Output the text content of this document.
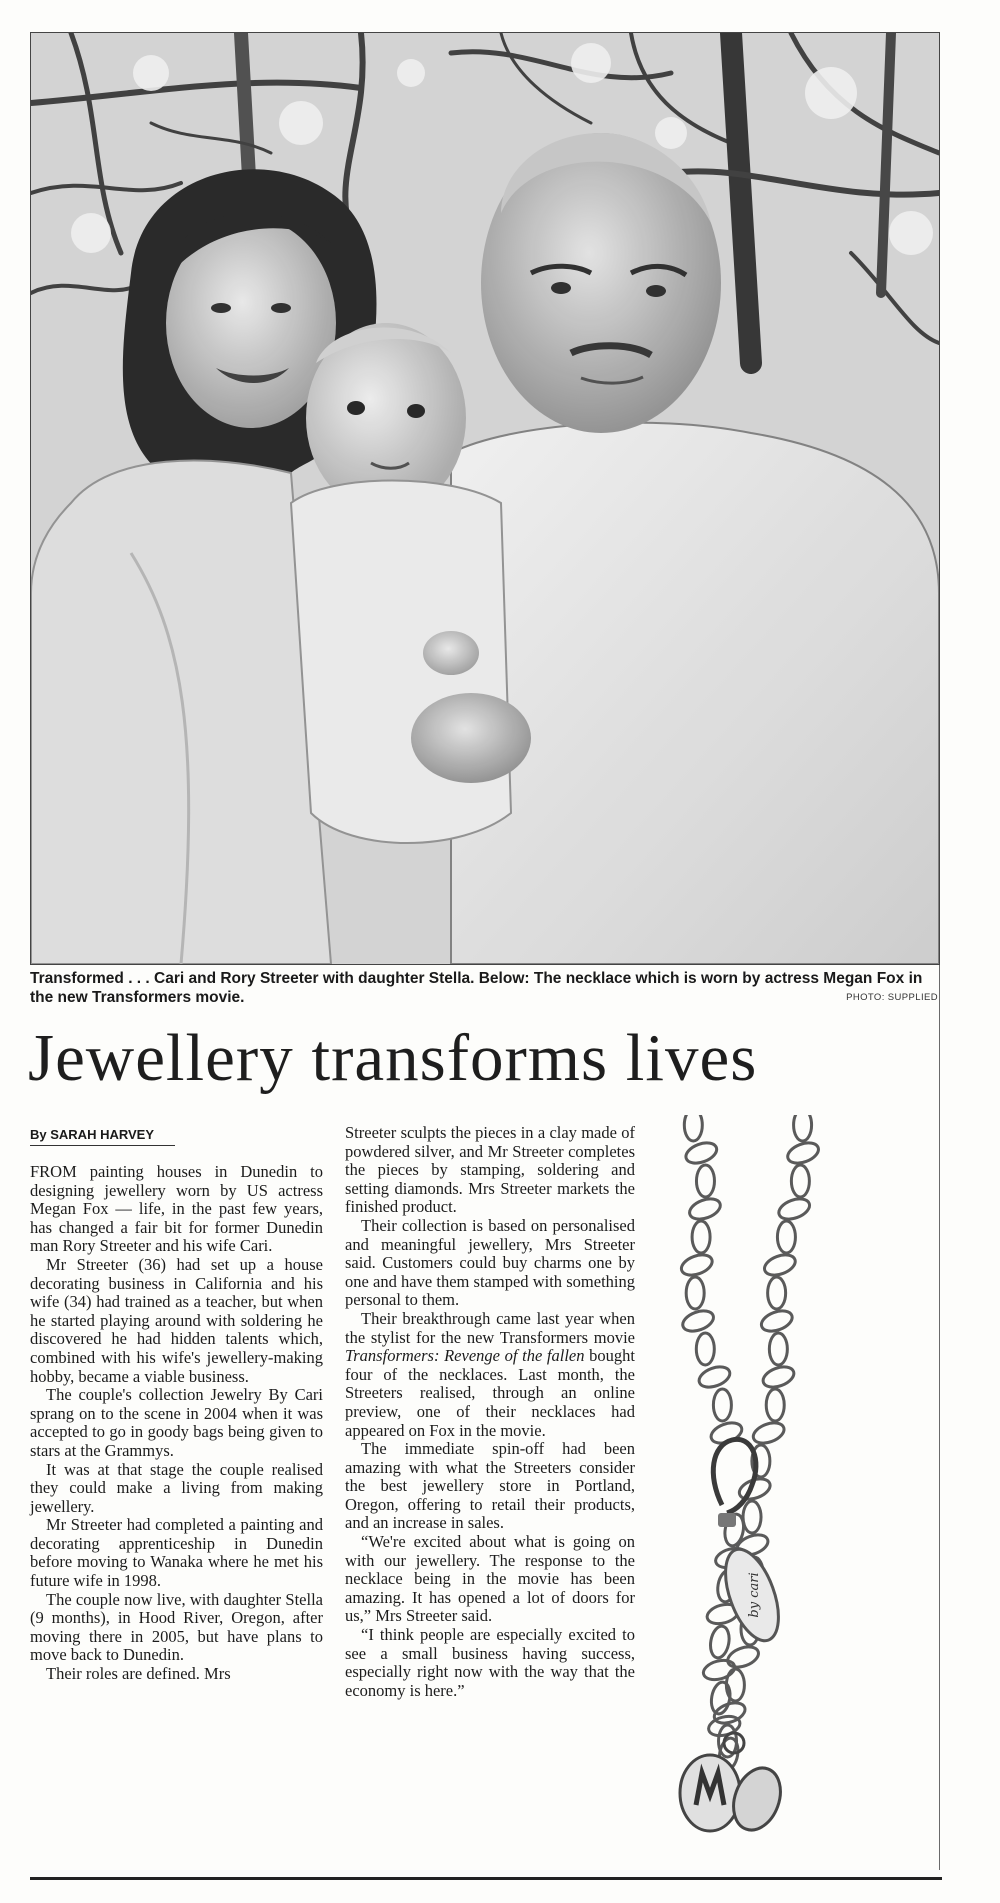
Transformed . . . Cari and Rory Streeter with daughter Stella. Below: The necklace which is worn by actress Megan Fox in the new Transformers movie.	PHOTO: SUPPLIED
Jewellery transforms lives
By SARAH HARVEY

FROM painting houses in Dunedin to designing jewellery worn by US actress Megan Fox — life, in the past few years, has changed a fair bit for former Dunedin man Rory Streeter and his wife Cari.

Mr Streeter (36) had set up a house decorating business in California and his wife (34) had trained as a teacher, but when he started playing around with soldering he discovered he had hidden talents which, combined with his wife's jewellery-making hobby, became a viable business.

The couple's collection Jewelry By Cari sprang on to the scene in 2004 when it was accepted to go in goody bags being given to stars at the Grammys.

It was at that stage the couple realised they could make a living from making jewellery.

Mr Streeter had completed a painting and decorating apprenticeship in Dunedin before moving to Wanaka where he met his future wife in 1998.

The couple now live, with daughter Stella (9 months), in Hood River, Oregon, after moving there in 2005, but have plans to move back to Dunedin.

Their roles are defined. Mrs

Streeter sculpts the pieces in a clay made of powdered silver, and Mr Streeter completes the pieces by stamping, soldering and setting diamonds. Mrs Streeter markets the finished product.

Their collection is based on personalised and meaningful jewellery, Mrs Streeter said. Customers could buy charms one by one and have them stamped with something personal to them.

Their breakthrough came last year when the stylist for the new Transformers movie Transformers: Revenge of the fallen bought four of the necklaces. Last month, the Streeters realised, through an online preview, one of their necklaces had appeared on Fox in the movie.

The immediate spin-off had been amazing with what the Streeters consider the best jewellery store in Portland, Oregon, offering to retail their products, and an increase in sales.

“We're excited about what is going on with our jewellery. The response to the necklace being in the movie has been amazing. It has opened a lot of doors for us,” Mrs Streeter said.

“I think people are especially excited to see a small business having success, especially right now with the way that the economy is here.”

by cari
